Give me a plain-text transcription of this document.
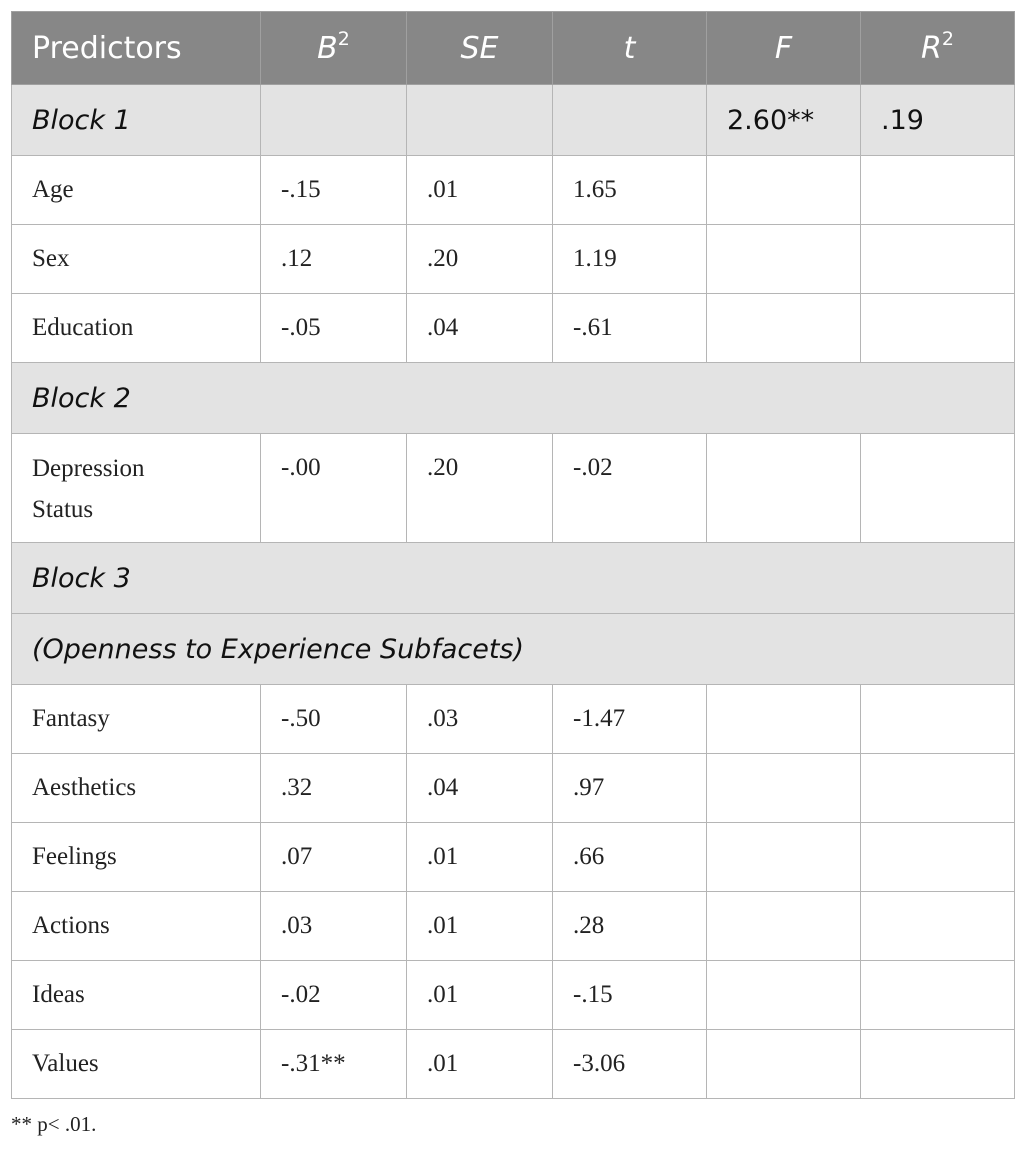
Predictors	$B^2$	SE	t	F	$R^2$
Block 1				2.60**	.19
Age	-.15	.01	1.65		
Sex	.12	.20	1.19		
Education	-.05	.04	-.61		
Block 2					
Depression
Status	-.00	.20	-.02		
Block 3					
(Openness to Experience Subfacets)					
Fantasy	-.50	.03	-1.47		
Aesthetics	.32	.04	.97		
Feelings	.07	.01	.66		
Actions	.03	.01	.28		
Ideas	-.02	.01	-.15		
Values	-.31**	.01	-3.06		
** p< .01.
